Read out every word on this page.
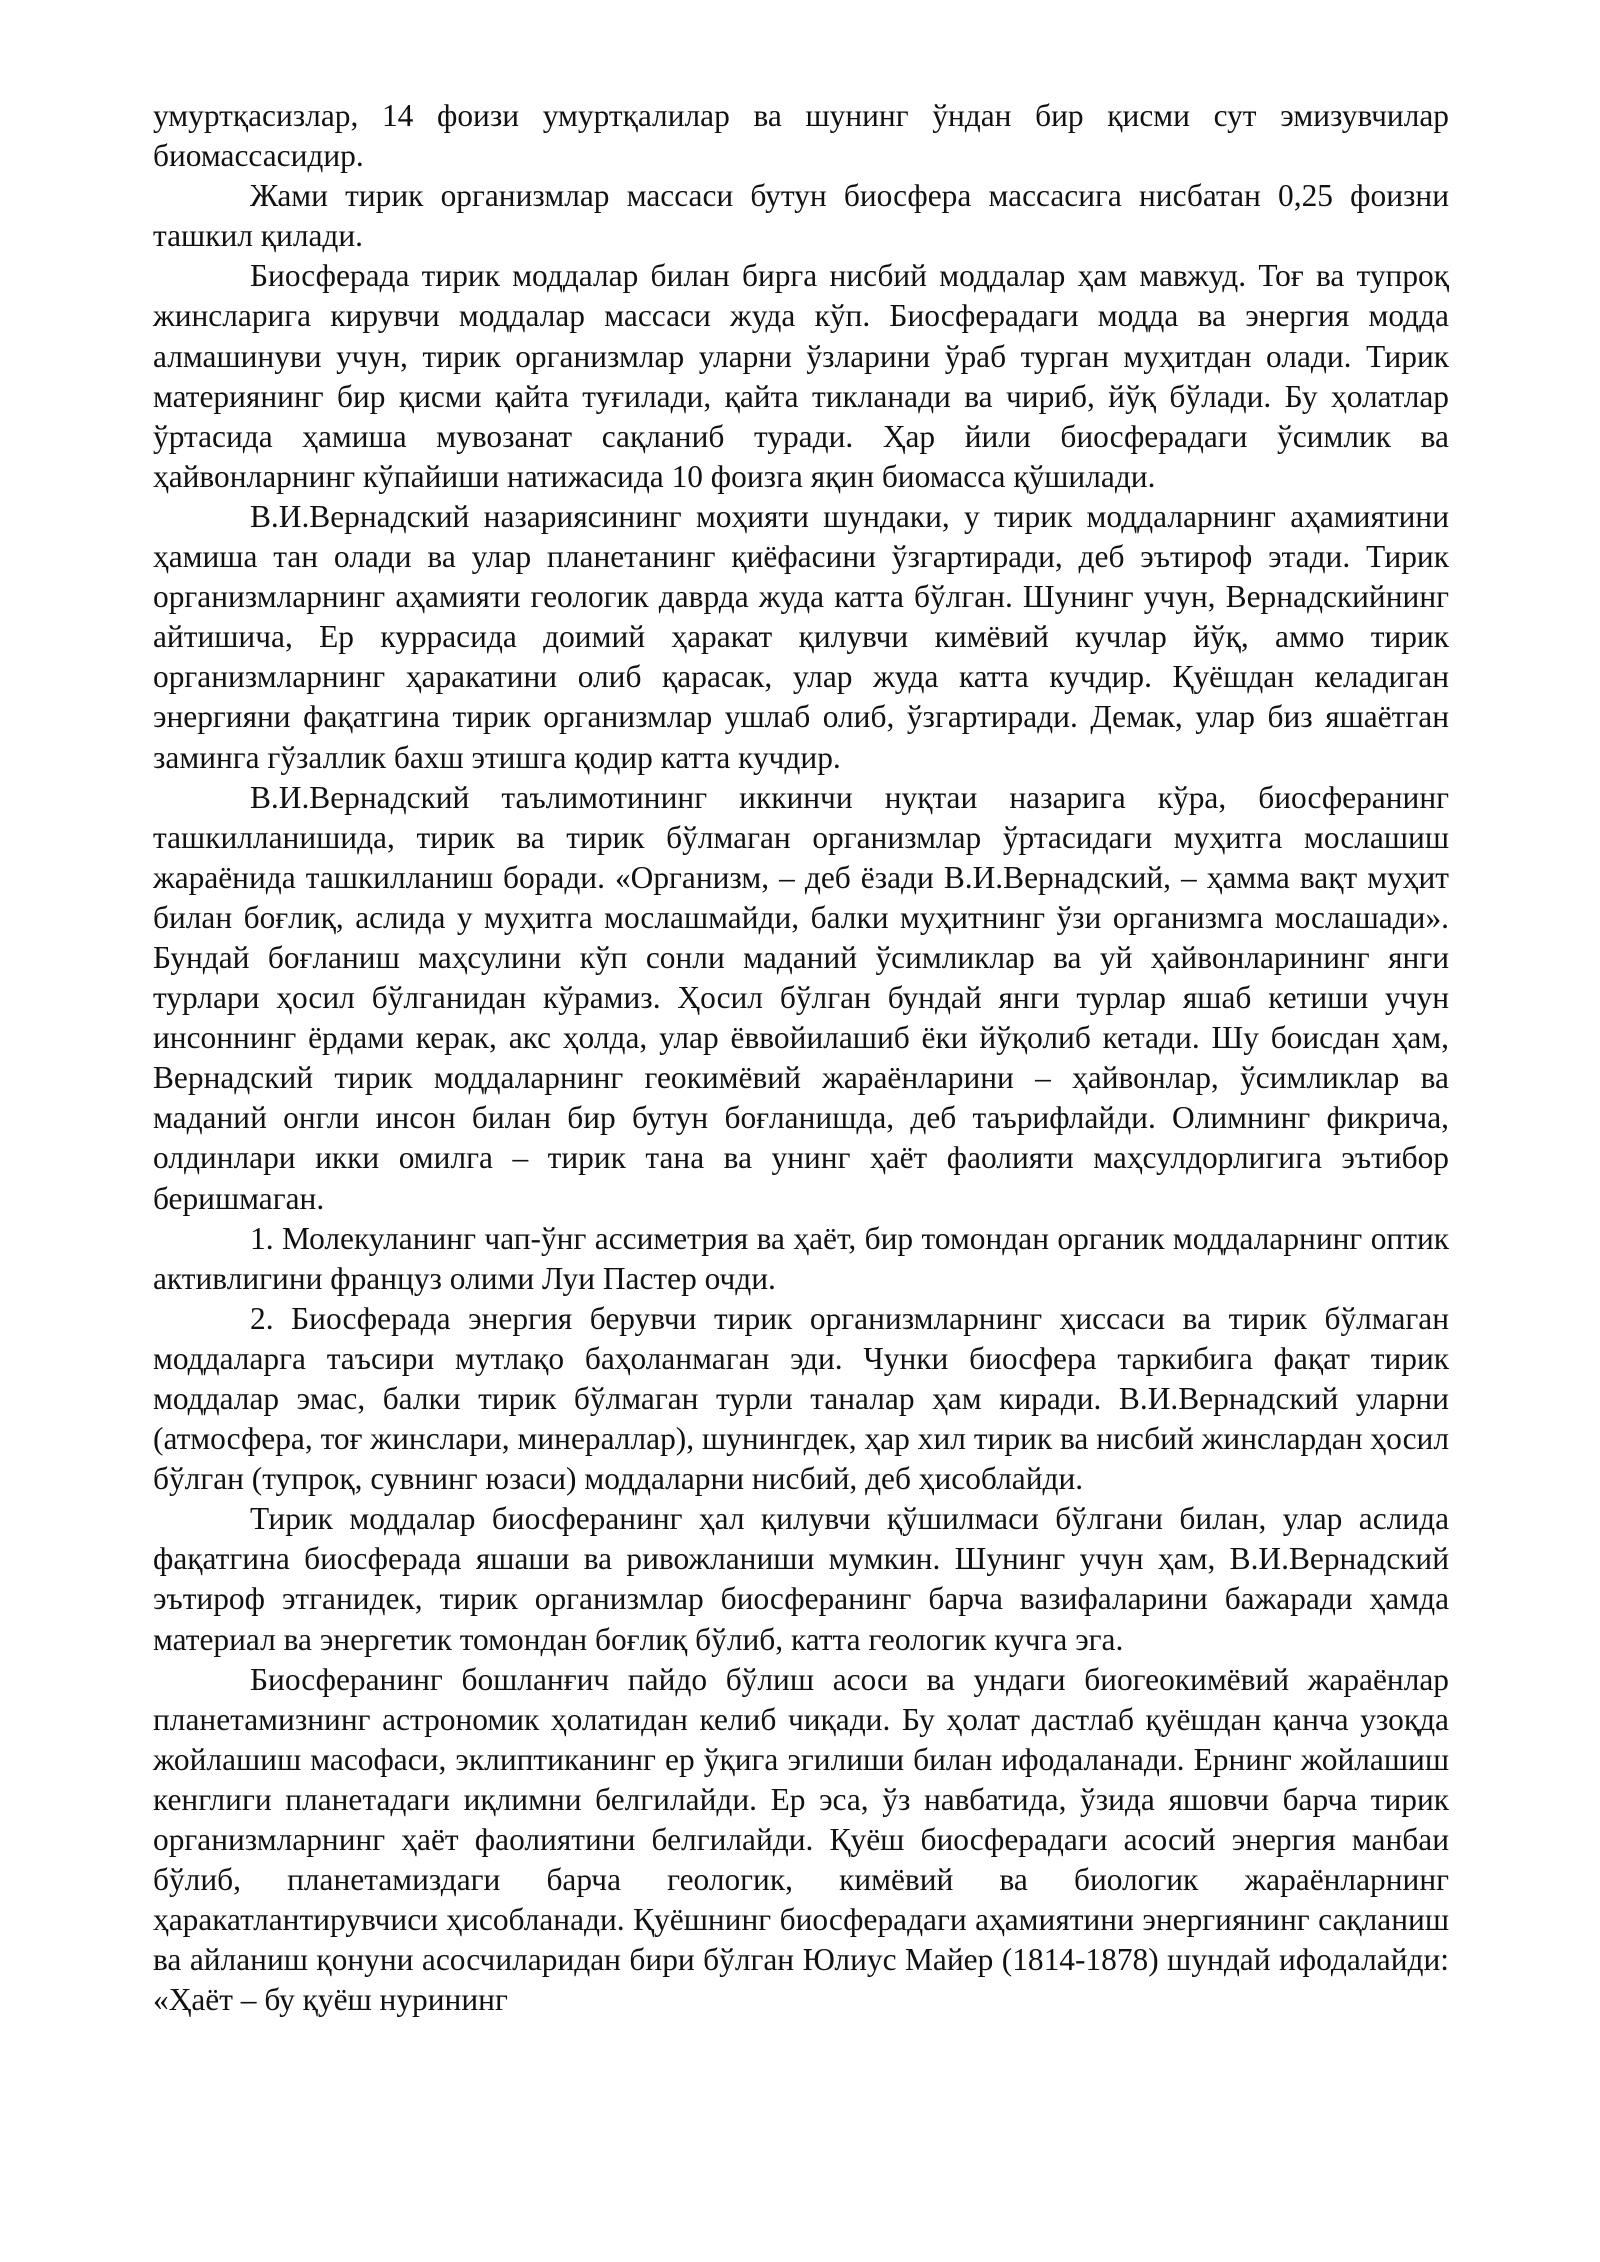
умуртқасизлар, 14 фоизи умуртқалилар ва шунинг ўндан бир қисми сут эмизувчилар биомассасидир.

Жами тирик организмлар массаси бутун биосфера массасига нисбатан 0,25 фоизни ташкил қилади.

Биосферада тирик моддалар билан бирга нисбий моддалар ҳам мавжуд. Тоғ ва тупроқ жинсларига кирувчи моддалар массаси жуда кўп. Биосферадаги модда ва энергия модда алмашинуви учун, тирик организмлар уларни ўзларини ўраб турган муҳитдан олади. Тирик материянинг бир қисми қайта туғилади, қайта тикланади ва чириб, йўқ бўлади. Бу ҳолатлар ўртасида ҳамиша мувозанат сақланиб туради. Ҳар йили биосферадаги ўсимлик ва ҳайвонларнинг кўпайиши натижасида 10 фоизга яқин биомасса қўшилади.

В.И.Вернадский назариясининг моҳияти шундаки, у тирик моддаларнинг аҳамиятини ҳамиша тан олади ва улар планетанинг қиёфасини ўзгартиради, деб эътироф этади. Тирик организмларнинг аҳамияти геологик даврда жуда катта бўлган. Шунинг учун, Вернадскийнинг айтишича, Ер куррасида доимий ҳаракат қилувчи кимёвий кучлар йўқ, аммо тирик организмларнинг ҳаракатини олиб қарасак, улар жуда катта кучдир. Қуёшдан келадиган энергияни фақатгина тирик организмлар ушлаб олиб, ўзгартиради. Демак, улар биз яшаётган заминга гўзаллик бахш этишга қодир катта кучдир.

В.И.Вернадский таълимотининг иккинчи нуқтаи назарига кўра, биосферанинг ташкилланишида, тирик ва тирик бўлмаган организмлар ўртасидаги муҳитга мослашиш жараёнида ташкилланиш боради. «Организм, – деб ёзади В.И.Вернадский, – ҳамма вақт муҳит билан боғлиқ, аслида у муҳитга мослашмайди, балки муҳитнинг ўзи организмга мослашади». Бундай боғланиш маҳсулини кўп сонли маданий ўсимликлар ва уй ҳайвонларининг янги турлари ҳосил бўлганидан кўрамиз. Ҳосил бўлган бундай янги турлар яшаб кетиши учун инсоннинг ёрдами керак, акс ҳолда, улар ёввойилашиб ёки йўқолиб кетади. Шу боисдан ҳам, Вернадский тирик моддаларнинг геокимёвий жараёнларини – ҳайвонлар, ўсимликлар ва маданий онгли инсон билан бир бутун боғланишда, деб таърифлайди. Олимнинг фикрича, олдинлари икки омилга – тирик тана ва унинг ҳаёт фаолияти маҳсулдорлигига эътибор беришмаган.

1. Молекуланинг чап-ўнг ассиметрия ва ҳаёт, бир томондан органик моддаларнинг оптик активлигини француз олими Луи Пастер очди.

2. Биосферада энергия берувчи тирик организмларнинг ҳиссаси ва тирик бўлмаган моддаларга таъсири мутлақо баҳоланмаган эди. Чунки биосфера таркибига фақат тирик моддалар эмас, балки тирик бўлмаган турли таналар ҳам киради. В.И.Вернадский уларни (атмосфера, тоғ жинслари, минераллар), шунингдек, ҳар хил тирик ва нисбий жинслардан ҳосил бўлган (тупроқ, сувнинг юзаси) моддаларни нисбий, деб ҳисоблайди.

Тирик моддалар биосферанинг ҳал қилувчи қўшилмаси бўлгани билан, улар аслида фақатгина биосферада яшаши ва ривожланиши мумкин. Шунинг учун ҳам, В.И.Вернадский эътироф этганидек, тирик организмлар биосферанинг барча вазифаларини бажаради ҳамда материал ва энергетик томондан боғлиқ бўлиб, катта геологик кучга эга.

Биосферанинг бошланғич пайдо бўлиш асоси ва ундаги биогеокимёвий жараёнлар планетамизнинг астрономик ҳолатидан келиб чиқади. Бу ҳолат дастлаб қуёшдан қанча узоқда жойлашиш масофаси, эклиптиканинг ер ўқига эгилиши билан ифодаланади. Ернинг жойлашиш кенглиги планетадаги иқлимни белгилайди. Ер эса, ўз навбатида, ўзида яшовчи барча тирик организмларнинг ҳаёт фаолиятини белгилайди. Қуёш биосферадаги асосий энергия манбаи бўлиб, планетамиздаги барча геологик, кимёвий ва биологик жараёнларнинг ҳаракатлантирувчиси ҳисобланади. Қуёшнинг биосферадаги аҳамиятини энергиянинг сақланиш ва айланиш қонуни асосчиларидан бири бўлган Юлиус Майер (1814-1878) шундай ифодалайди: «Ҳаёт – бу қуёш нурининг
